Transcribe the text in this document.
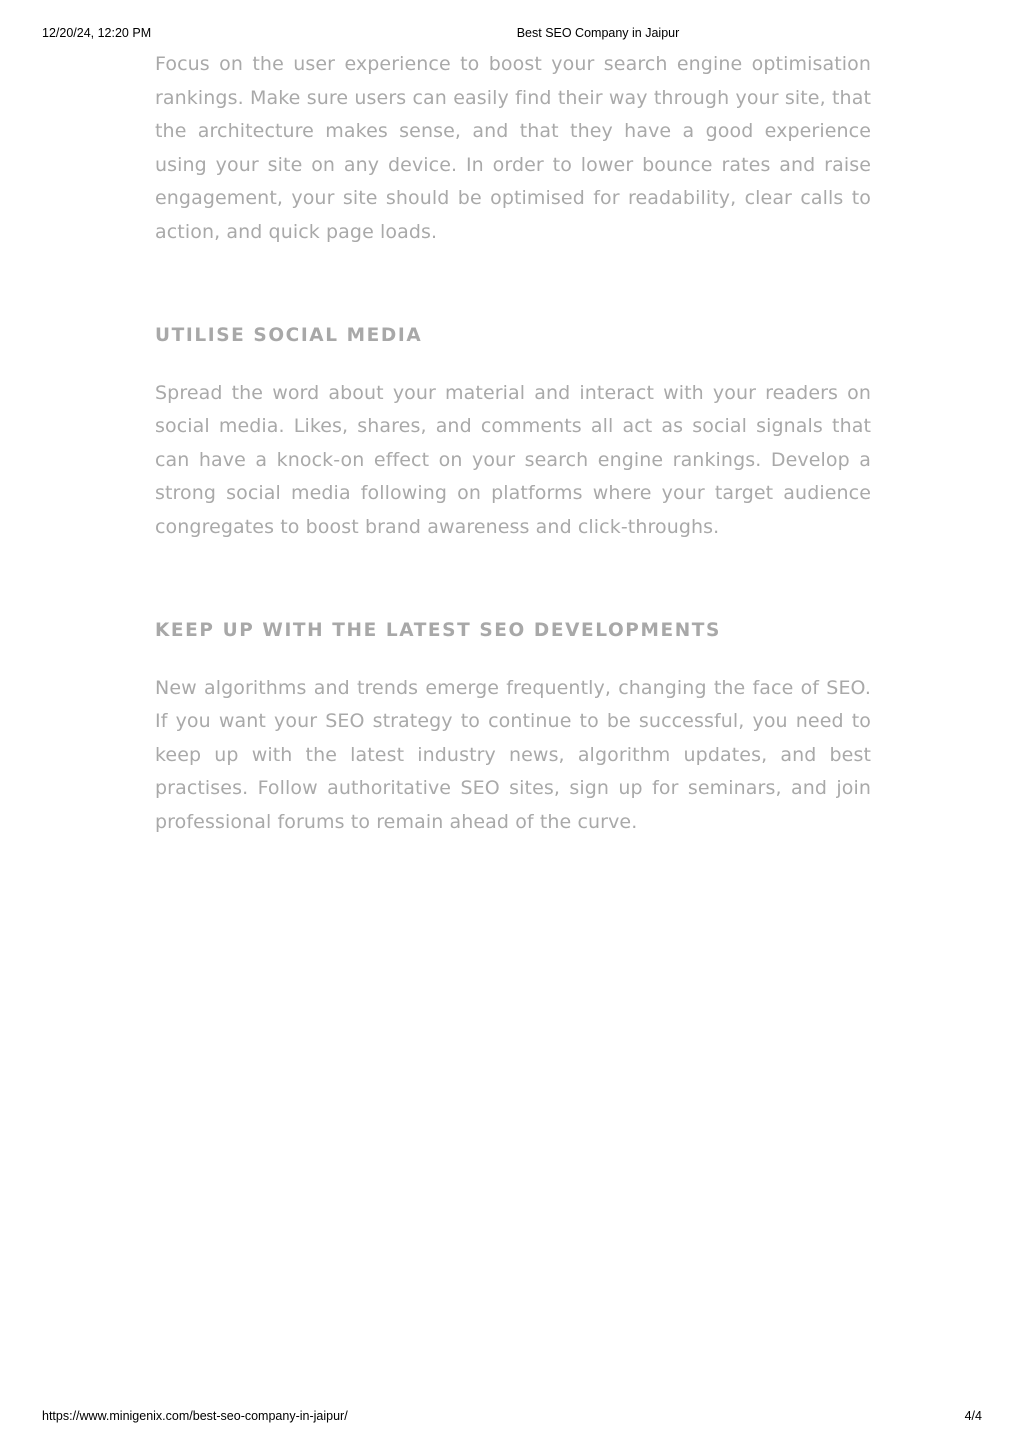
12/20/24, 12:20 PM	Best SEO Company in Jaipur

Focus on the user experience to boost your search engine optimisation rankings. Make sure users can easily find their way through your site, that the architecture makes sense, and that they have a good experience using your site on any device. In order to lower bounce rates and raise engagement, your site should be optimised for readability, clear calls to action, and quick page loads.

UTILISE SOCIAL MEDIA

Spread the word about your material and interact with your readers on social media. Likes, shares, and comments all act as social signals that can have a knock-on effect on your search engine rankings. Develop a strong social media following on platforms where your target audience congregates to boost brand awareness and click-throughs.

KEEP UP WITH THE LATEST SEO DEVELOPMENTS

New algorithms and trends emerge frequently, changing the face of SEO. If you want your SEO strategy to continue to be successful, you need to keep up with the latest industry news, algorithm updates, and best practises. Follow authoritative SEO sites, sign up for seminars, and join professional forums to remain ahead of the curve.

https://www.minigenix.com/best-seo-company-in-jaipur/	4/4
